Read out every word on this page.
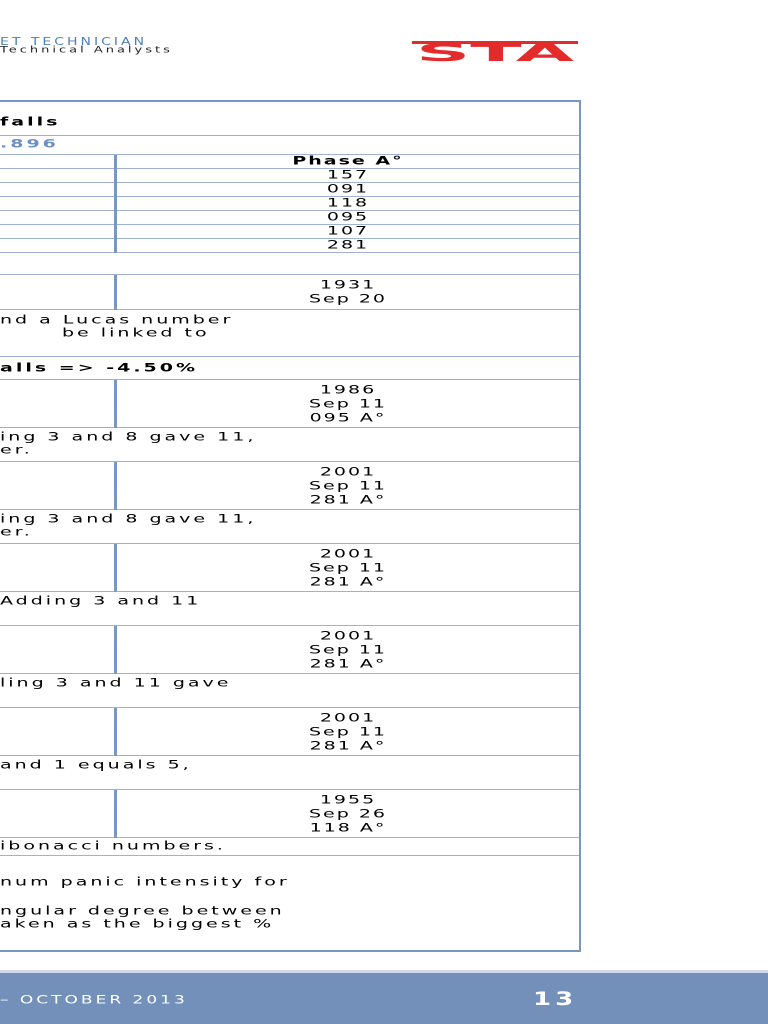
ET TECHNICIAN
Technical Analysts	STA
falls
.896
Phase A°
157
091
118
095
107
281
1931
Sep 20
nd a Lucas number
be linked to
alls => -4.50%
1986
Sep 11
095 A°
ing 3 and 8 gave 11,
er.
2001
Sep 11
281 A°
ing 3 and 8 gave 11,
er.
2001
Sep 11
281 A°
Adding 3 and 11
2001
Sep 11
281 A°
ling 3 and 11 gave
2001
Sep 11
281 A°
and 1 equals 5,
1955
Sep 26
118 A°
ibonacci numbers.
num panic intensity for
ngular degree between
aken as the biggest %
– OCTOBER 2013	13
